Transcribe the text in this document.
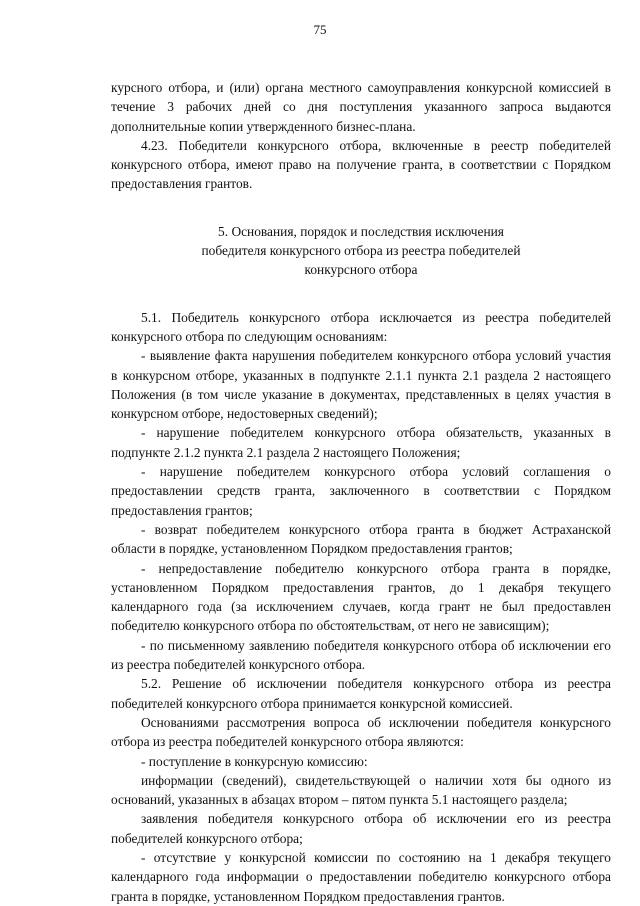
75

курсного отбора, и (или) органа местного самоуправления конкурсной комиссией в течение 3 рабочих дней со дня поступления указанного запроса выдаются дополнительные копии утвержденного бизнес-плана.

4.23. Победители конкурсного отбора, включенные в реестр победителей конкурсного отбора, имеют право на получение гранта, в соответствии с Порядком предоставления грантов.

5. Основания, порядок и последствия исключения
победителя конкурсного отбора из реестра победителей
конкурсного отбора

5.1. Победитель конкурсного отбора исключается из реестра победителей конкурсного отбора по следующим основаниям:

- выявление факта нарушения победителем конкурсного отбора условий участия в конкурсном отборе, указанных в подпункте 2.1.1 пункта 2.1 раздела 2 настоящего Положения (в том числе указание в документах, представленных в целях участия в конкурсном отборе, недостоверных сведений);

- нарушение победителем конкурсного отбора обязательств, указанных в подпункте 2.1.2 пункта 2.1 раздела 2 настоящего Положения;

- нарушение победителем конкурсного отбора условий соглашения о предоставлении средств гранта, заключенного в соответствии с Порядком предоставления грантов;

- возврат победителем конкурсного отбора гранта в бюджет Астраханской области в порядке, установленном Порядком предоставления грантов;

- непредоставление победителю конкурсного отбора гранта в порядке, установленном Порядком предоставления грантов, до 1 декабря текущего календарного года (за исключением случаев, когда грант не был предоставлен победителю конкурсного отбора по обстоятельствам, от него не зависящим);

- по письменному заявлению победителя конкурсного отбора об исключении его из реестра победителей конкурсного отбора.

5.2. Решение об исключении победителя конкурсного отбора из реестра победителей конкурсного отбора принимается конкурсной комиссией.

Основаниями рассмотрения вопроса об исключении победителя конкурсного отбора из реестра победителей конкурсного отбора являются:

- поступление в конкурсную комиссию:

информации (сведений), свидетельствующей о наличии хотя бы одного из оснований, указанных в абзацах втором – пятом пункта 5.1 настоящего раздела;

заявления победителя конкурсного отбора об исключении его из реестра победителей конкурсного отбора;

- отсутствие у конкурсной комиссии по состоянию на 1 декабря текущего календарного года информации о предоставлении победителю конкурсного отбора гранта в порядке, установленном Порядком предоставления грантов.
